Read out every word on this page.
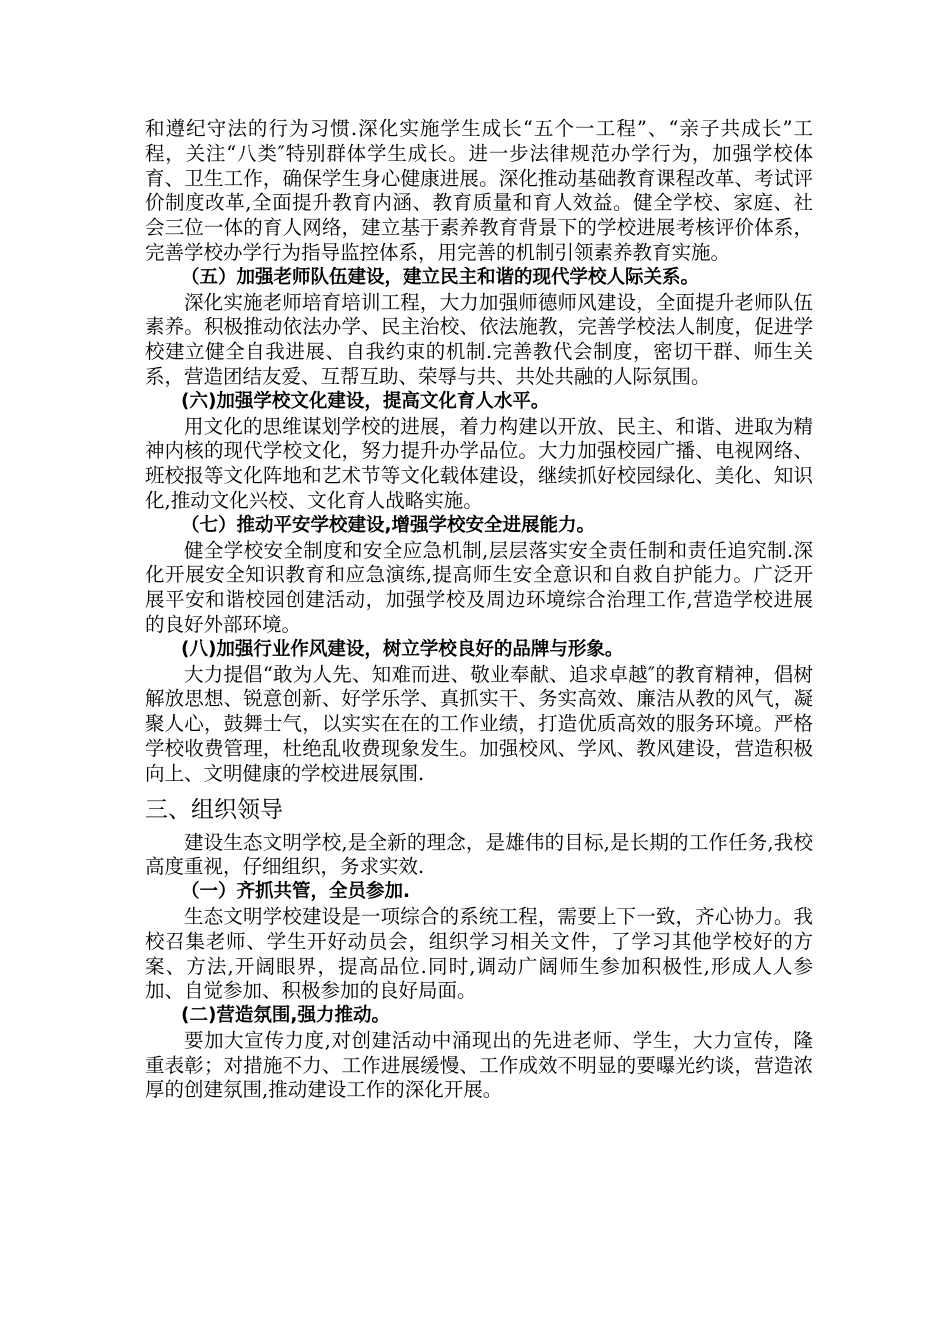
和遵纪守法的行为习惯.深化实施学生成长“五个一工程”、“亲子共成长”工程，关注“八类″特别群体学生成长。进一步法律规范办学行为，加强学校体育、卫生工作，确保学生身心健康进展。深化推动基础教育课程改革、考试评价制度改革,全面提升教育内涵、教育质量和育人效益。健全学校、家庭、社会三位一体的育人网络，建立基于素养教育背景下的学校进展考核评价体系，完善学校办学行为指导监控体系，用完善的机制引领素养教育实施。

（五）加强老师队伍建设，建立民主和谐的现代学校人际关系。

深化实施老师培育培训工程，大力加强师德师风建设，全面提升老师队伍素养。积极推动依法办学、民主治校、依法施教，完善学校法人制度，促进学校建立健全自我进展、自我约束的机制.完善教代会制度，密切干群、师生关系，营造团结友爱、互帮互助、荣辱与共、共处共融的人际氛围。

(六)加强学校文化建设，提高文化育人水平。

用文化的思维谋划学校的进展，着力构建以开放、民主、和谐、进取为精神内核的现代学校文化，努力提升办学品位。大力加强校园广播、电视网络、班校报等文化阵地和艺术节等文化载体建设，继续抓好校园绿化、美化、知识化,推动文化兴校、文化育人战略实施。

（七）推动平安学校建设,增强学校安全进展能力。

健全学校安全制度和安全应急机制,层层落实安全责任制和责任追究制.深化开展安全知识教育和应急演练,提高师生安全意识和自救自护能力。广泛开展平安和谐校园创建活动，加强学校及周边环境综合治理工作,营造学校进展的良好外部环境。

(八)加强行业作风建设，树立学校良好的品牌与形象。

大力提倡“敢为人先、知难而进、敬业奉献、追求卓越″的教育精神，倡树解放思想、锐意创新、好学乐学、真抓实干、务实高效、廉洁从教的风气，凝聚人心，鼓舞士气，以实实在在的工作业绩，打造优质高效的服务环境。严格学校收费管理，杜绝乱收费现象发生。加强校风、学风、教风建设，营造积极向上、文明健康的学校进展氛围.

三、组织领导

建设生态文明学校,是全新的理念，是雄伟的目标,是长期的工作任务,我校高度重视，仔细组织，务求实效.

（一）齐抓共管，全员参加.

生态文明学校建设是一项综合的系统工程，需要上下一致，齐心协力。我校召集老师、学生开好动员会，组织学习相关文件，了学习其他学校好的方案、方法,开阔眼界，提高品位.同时,调动广阔师生参加积极性,形成人人参加、自觉参加、积极参加的良好局面。

(二)营造氛围,强力推动。

要加大宣传力度,对创建活动中涌现出的先进老师、学生，大力宣传，隆重表彰；对措施不力、工作进展缓慢、工作成效不明显的要曝光约谈，营造浓厚的创建氛围,推动建设工作的深化开展。
